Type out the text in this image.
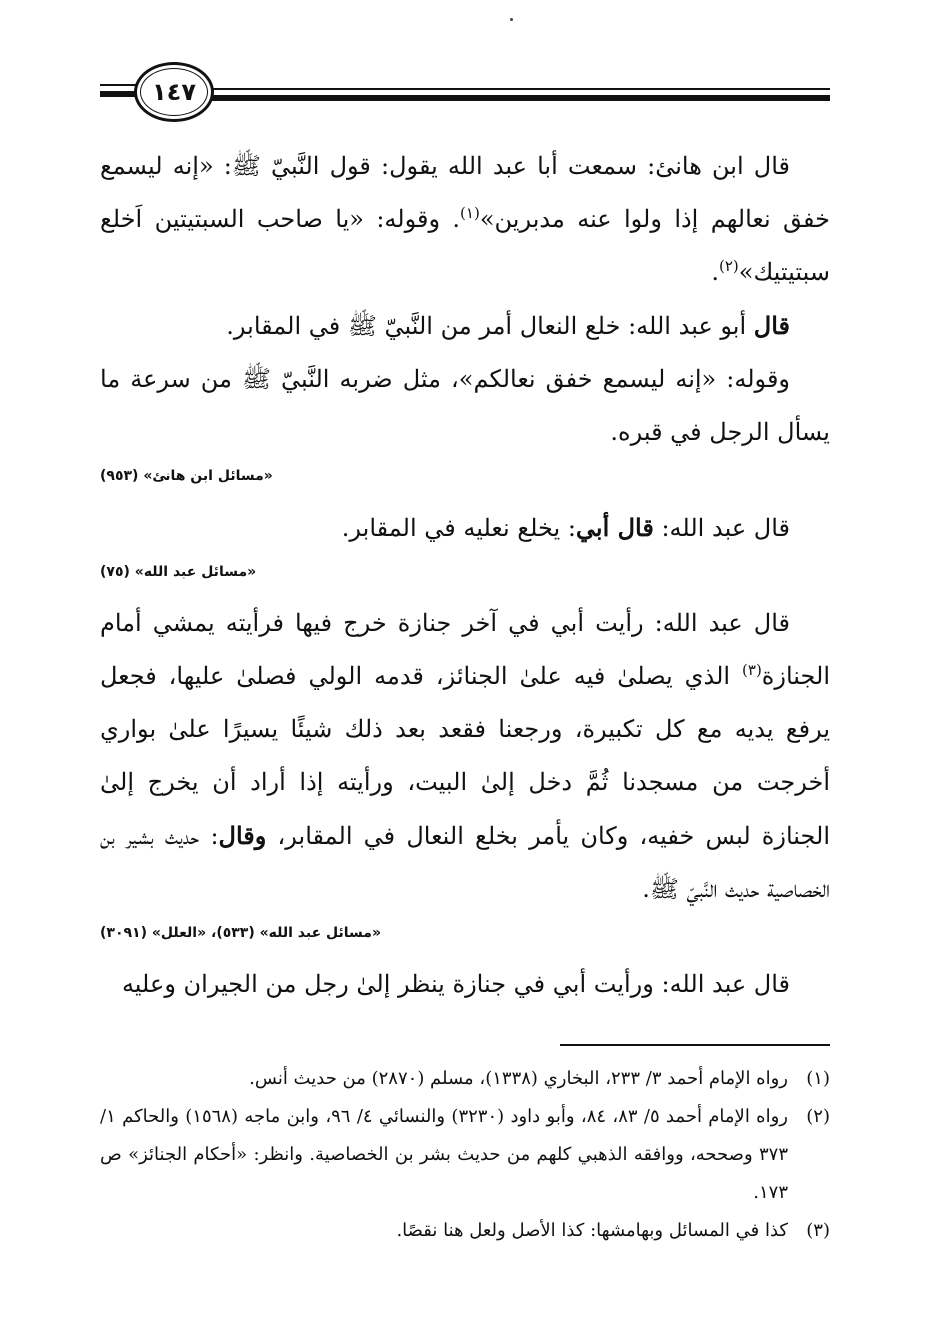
١٤٧

قال ابن هانئ: سمعت أبا عبد الله يقول: قول النَّبيّ ﷺ: «إنه ليسمع خفق نعالهم إذا ولوا عنه مدبرين»$^{(١)}$. وقوله: «يا صاحب السبتيتين اَخلع سبتيتيك»$^{(٢)}$.

قال أبو عبد الله: خلع النعال أمر من النَّبيّ ﷺ في المقابر.

وقوله: «إنه ليسمع خفق نعالكم»، مثل ضربه النَّبيّ ﷺ من سرعة ما يسأل الرجل في قبره.

«مسائل ابن هانئ» (٩٥٣)

قال عبد الله: قال أبي: يخلع نعليه في المقابر.

«مسائل عبد الله» (٧٥)

قال عبد الله: رأيت أبي في آخر جنازة خرج فيها فرأيته يمشي أمام الجنازة$^{(٣)}$ الذي يصلىٰ فيه علىٰ الجنائز، قدمه الولي فصلىٰ عليها، فجعل يرفع يديه مع كل تكبيرة، ورجعنا فقعد بعد ذلك شيئًا يسيرًا علىٰ بواري أخرجت من مسجدنا ثُمَّ دخل إلىٰ البيت، ورأيته إذا أراد أن يخرج إلىٰ الجنازة لبس خفيه، وكان يأمر بخلع النعال في المقابر، وقال: حديث بشير بن الخصاصية حديث النَّبيّ ﷺ.

«مسائل عبد الله» (٥٣٣)، «العلل» (٣٠٩١)

قال عبد الله: ورأيت أبي في جنازة ينظر إلىٰ رجل من الجيران وعليه

(١)
رواه الإمام أحمد ٣/ ٢٣٣، البخاري (١٣٣٨)، مسلم (٢٨٧٠) من حديث أنس.
(٢)
رواه الإمام أحمد ٥/ ٨٣، ٨٤، وأبو داود (٣٢٣٠) والنسائي ٤/ ٩٦، وابن ماجه (١٥٦٨) والحاكم ١/ ٣٧٣ وصححه، ووافقه الذهبي كلهم من حديث بشر بن الخصاصية. وانظر: «أحكام الجنائز» ص ١٧٣.
(٣)
كذا في المسائل وبهامشها: كذا الأصل ولعل هنا نقصًا.
